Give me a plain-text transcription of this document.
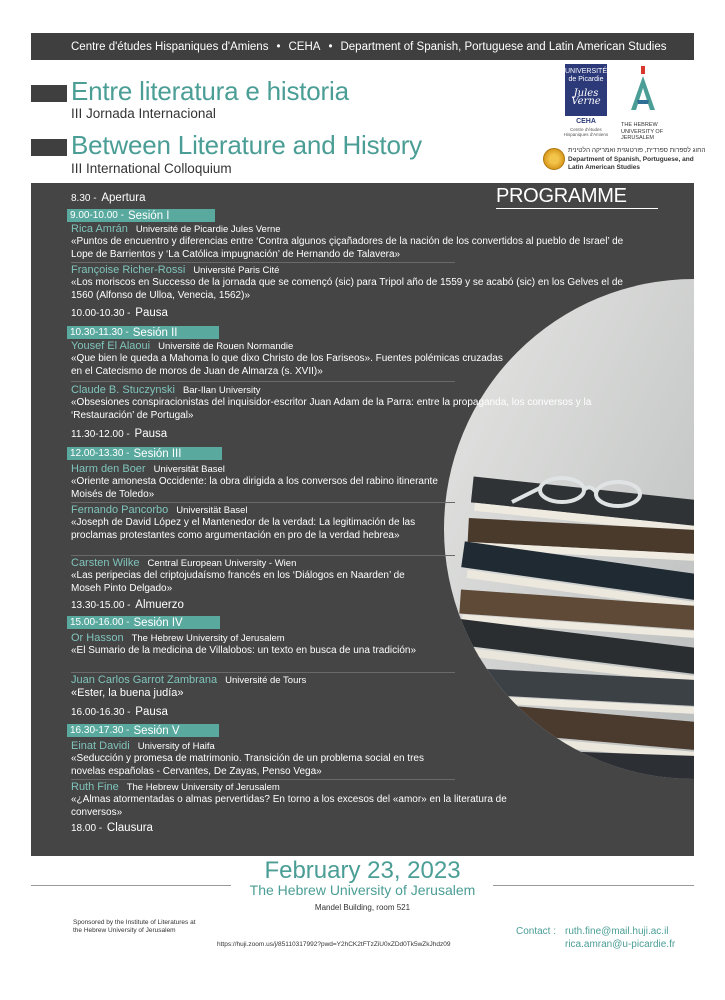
Centre d'études Hispaniques d'Amiens • CEHA • Department of Spanish, Portuguese and Latin American Studies
Entre literatura e historia
III Jornada Internacional
Between Literature and History
III International Colloquium
UNIVERSITÉ
de Picardie
Jules Verne
CEHA
Centre d'études Hispaniques d'Amiens
THE HEBREW UNIVERSITY OF JERUSALEM
החוג לספרות ספרדית, פורטוגזית ואמריקה הלטינית
Department of Spanish, Portuguese, and Latin American Studies
PROGRAMME
8.30 - Apertura
9.00-10.00 - Sesión I
Rica Amrán Université de Picardie Jules Verne
«Puntos de encuentro y diferencias entre ‘Contra algunos çiçañadores de la nación de los convertidos al pueblo de Israel’ de Lope de Barrientos y ‘La Católica impugnación’ de Hernando de Talavera»
Françoise Richer-Rossi Université Paris Cité
«Los moriscos en Successo de la jornada que se començó (sic) para Tripol año de 1559 y se acabó (sic) en los Gelves el de 1560 (Alfonso de Ulloa, Venecia, 1562)»
10.00-10.30 - Pausa
10.30-11.30 - Sesión II
Yousef El Alaoui Université de Rouen Normandie
«Que bien le queda a Mahoma lo que dixo Christo de los Fariseos». Fuentes polémicas cruzadas en el Catecismo de moros de Juan de Almarza (s. XVII)»
Claude B. Stuczynski Bar-Ilan University
«Obsesiones conspiracionistas del inquisidor-escritor Juan Adam de la Parra: entre la propaganda, los conversos y la ‘Restauración’ de Portugal»
11.30-12.00 - Pausa
12.00-13.30 - Sesión III
Harm den Boer Universität Basel
«Oriente amonesta Occidente: la obra dirigida a los conversos del rabino itinerante Moisés de Toledo»
Fernando Pancorbo Universität Basel
«Joseph de David López y el Mantenedor de la verdad: La legitimación de las proclamas protestantes como argumentación en pro de la verdad hebrea»
Carsten Wilke Central European University - Wien
«Las peripecias del criptojudaísmo francés en los ‘Diálogos en Naarden’ de Moseh Pinto Delgado»
13.30-15.00 - Almuerzo
15.00-16.00 - Sesión IV
Or Hasson The Hebrew University of Jerusalem
«El Sumario de la medicina de Villalobos: un texto en busca de una tradición»
Juan Carlos Garrot Zambrana Université de Tours
«Ester, la buena judía»
16.00-16.30 - Pausa
16.30-17.30 - Sesión V
Einat Davidi University of Haifa
«Seducción y promesa de matrimonio. Transición de un problema social en tres novelas españolas - Cervantes, De Zayas, Penso Vega»
Ruth Fine The Hebrew University of Jerusalem
«¿Almas atormentadas o almas pervertidas? En torno a los excesos del «amor» en la literatura de conversos»
18.00 - Clausura
February 23, 2023
The Hebrew University of Jerusalem
Mandel Building, room 521
Sponsored by the Institute of Literatures at the Hebrew University of Jerusalem
https://huji.zoom.us/j/85110317992?pwd=Y2hCK2tFTzZiU0xZDd0Tk5wZkJhdz09
Contact : ruth.fine@mail.huji.ac.il
rica.amran@u-picardie.fr
